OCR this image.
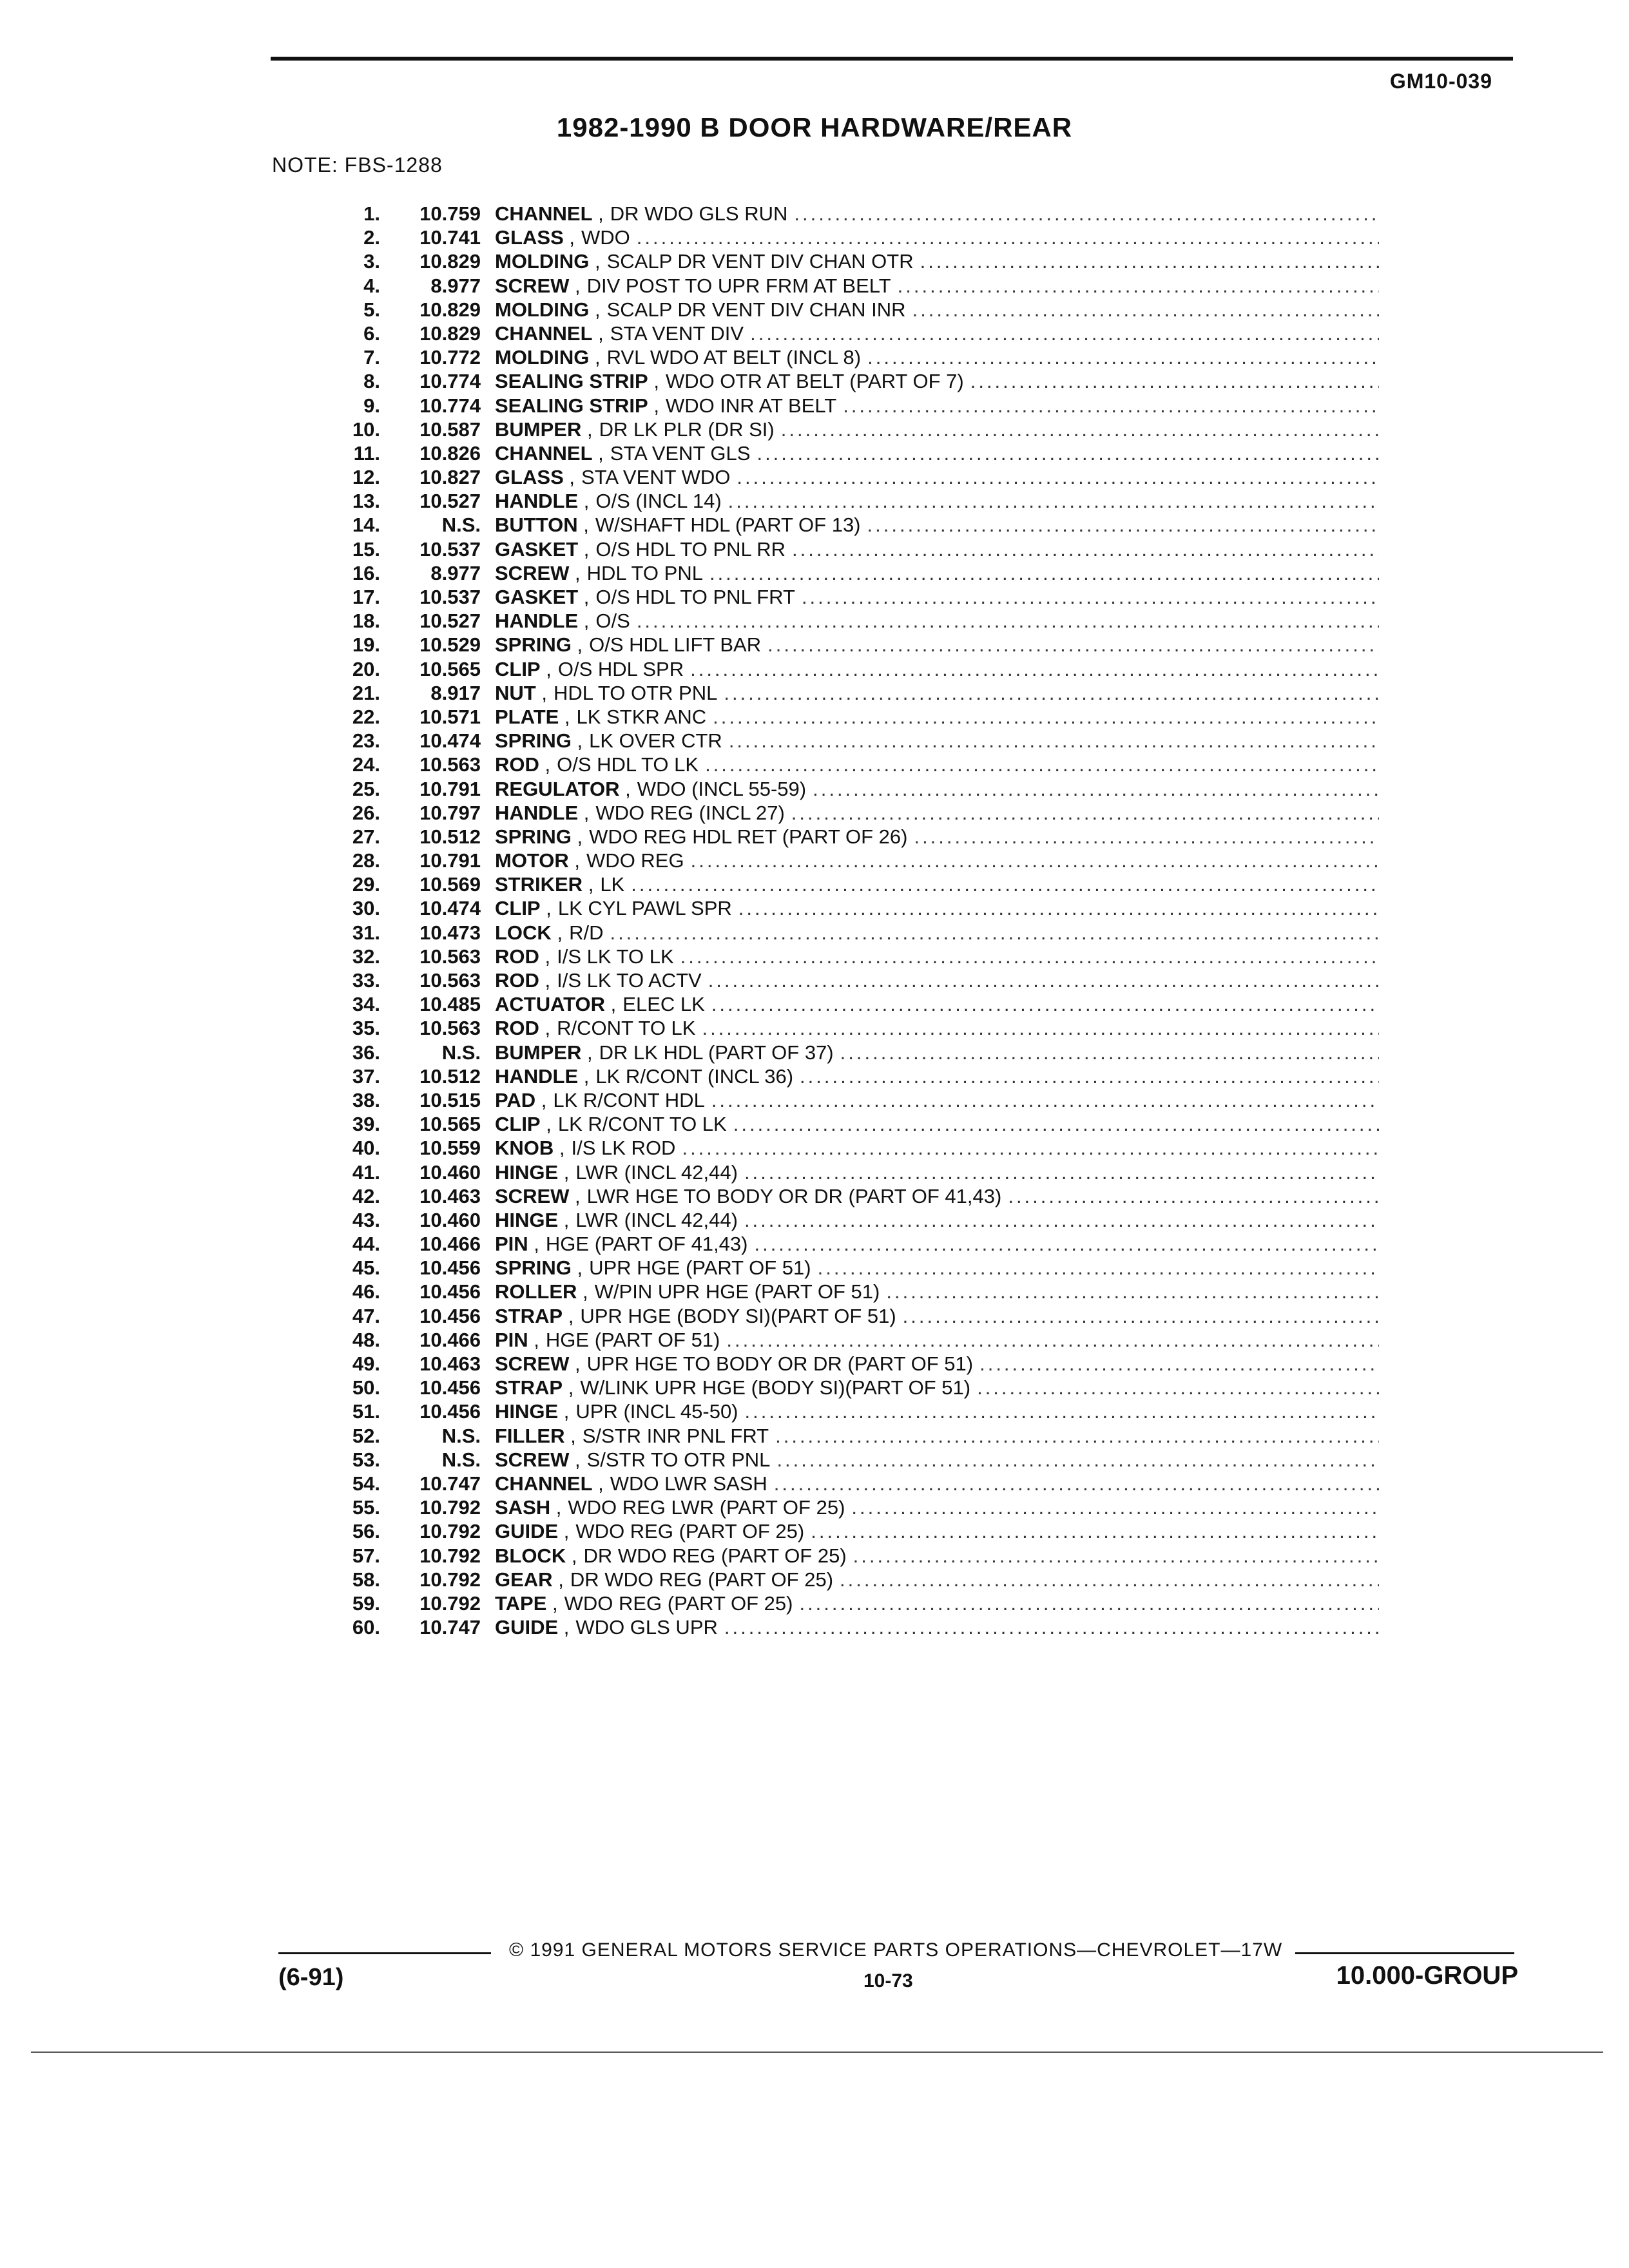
GM10-039
1982-1990 B DOOR HARDWARE/REAR
NOTE: FBS-1288
1.	10.759 CHANNEL , DR WDO GLS RUN
.....
2.	10.741 GLASS , WDO
.....
3.	10.829 MOLDING , SCALP DR VENT DIV CHAN OTR
.....
4.	8.977 SCREW , DIV POST TO UPR FRM AT BELT
.....
5.	10.829 MOLDING , SCALP DR VENT DIV CHAN INR
.....
6.	10.829 CHANNEL , STA VENT DIV
.....
7.	10.772 MOLDING , RVL WDO AT BELT (INCL 8)
.....
8.	10.774 SEALING STRIP , WDO OTR AT BELT (PART OF 7)
.....
9.	10.774 SEALING STRIP , WDO INR AT BELT
.....
10.	10.587 BUMPER , DR LK PLR (DR SI)
.....
11.	10.826 CHANNEL , STA VENT GLS
.....
12.	10.827 GLASS , STA VENT WDO
.....
13.	10.527 HANDLE , O/S (INCL 14)
.....
14.	N.S. BUTTON , W/SHAFT HDL (PART OF 13)
.....
15.	10.537 GASKET , O/S HDL TO PNL RR
.....
16.	8.977 SCREW , HDL TO PNL
.....
17.	10.537 GASKET , O/S HDL TO PNL FRT
.....
18.	10.527 HANDLE , O/S
.....
19.	10.529 SPRING , O/S HDL LIFT BAR
.....
20.	10.565 CLIP , O/S HDL SPR
.....
21.	8.917 NUT , HDL TO OTR PNL
.....
22.	10.571 PLATE , LK STKR ANC
.....
23.	10.474 SPRING , LK OVER CTR
.....
24.	10.563 ROD , O/S HDL TO LK
.....
25.	10.791 REGULATOR , WDO (INCL 55-59)
.....
26.	10.797 HANDLE , WDO REG (INCL 27)
.....
27.	10.512 SPRING , WDO REG HDL RET (PART OF 26)
.....
28.	10.791 MOTOR , WDO REG
.....
29.	10.569 STRIKER , LK
.....
30.	10.474 CLIP , LK CYL PAWL SPR
.....
31.	10.473 LOCK , R/D
.....
32.	10.563 ROD , I/S LK TO LK
.....
33.	10.563 ROD , I/S LK TO ACTV
.....
34.	10.485 ACTUATOR , ELEC LK
.....
35.	10.563 ROD , R/CONT TO LK
.....
36.	N.S. BUMPER , DR LK HDL (PART OF 37)
.....
37.	10.512 HANDLE , LK R/CONT (INCL 36)
.....
38.	10.515 PAD , LK R/CONT HDL
.....
39.	10.565 CLIP , LK R/CONT TO LK
.....
40.	10.559 KNOB , I/S LK ROD
.....
41.	10.460 HINGE , LWR (INCL 42,44)
.....
42.	10.463 SCREW , LWR HGE TO BODY OR DR (PART OF 41,43)
.....
43.	10.460 HINGE , LWR (INCL 42,44)
.....
44.	10.466 PIN , HGE (PART OF 41,43)
.....
45.	10.456 SPRING , UPR HGE (PART OF 51)
.....
46.	10.456 ROLLER , W/PIN UPR HGE (PART OF 51)
.....
47.	10.456 STRAP , UPR HGE (BODY SI)(PART OF 51)
.....
48.	10.466 PIN , HGE (PART OF 51)
.....
49.	10.463 SCREW , UPR HGE TO BODY OR DR (PART OF 51)
.....
50.	10.456 STRAP , W/LINK UPR HGE (BODY SI)(PART OF 51)
.....
51.	10.456 HINGE , UPR (INCL 45-50)
.....
52.	N.S. FILLER , S/STR INR PNL FRT
.....
53.	N.S. SCREW , S/STR TO OTR PNL
.....
54.	10.747 CHANNEL , WDO LWR SASH
.....
55.	10.792 SASH , WDO REG LWR (PART OF 25)
.....
56.	10.792 GUIDE , WDO REG (PART OF 25)
.....
57.	10.792 BLOCK , DR WDO REG (PART OF 25)
.....
58.	10.792 GEAR , DR WDO REG (PART OF 25)
.....
59.	10.792 TAPE , WDO REG (PART OF 25)
.....
60.	10.747 GUIDE , WDO GLS UPR
.....
© 1991 GENERAL MOTORS SERVICE PARTS OPERATIONS—CHEVROLET—17W
(6-91)	10-73	10.000-GROUP
